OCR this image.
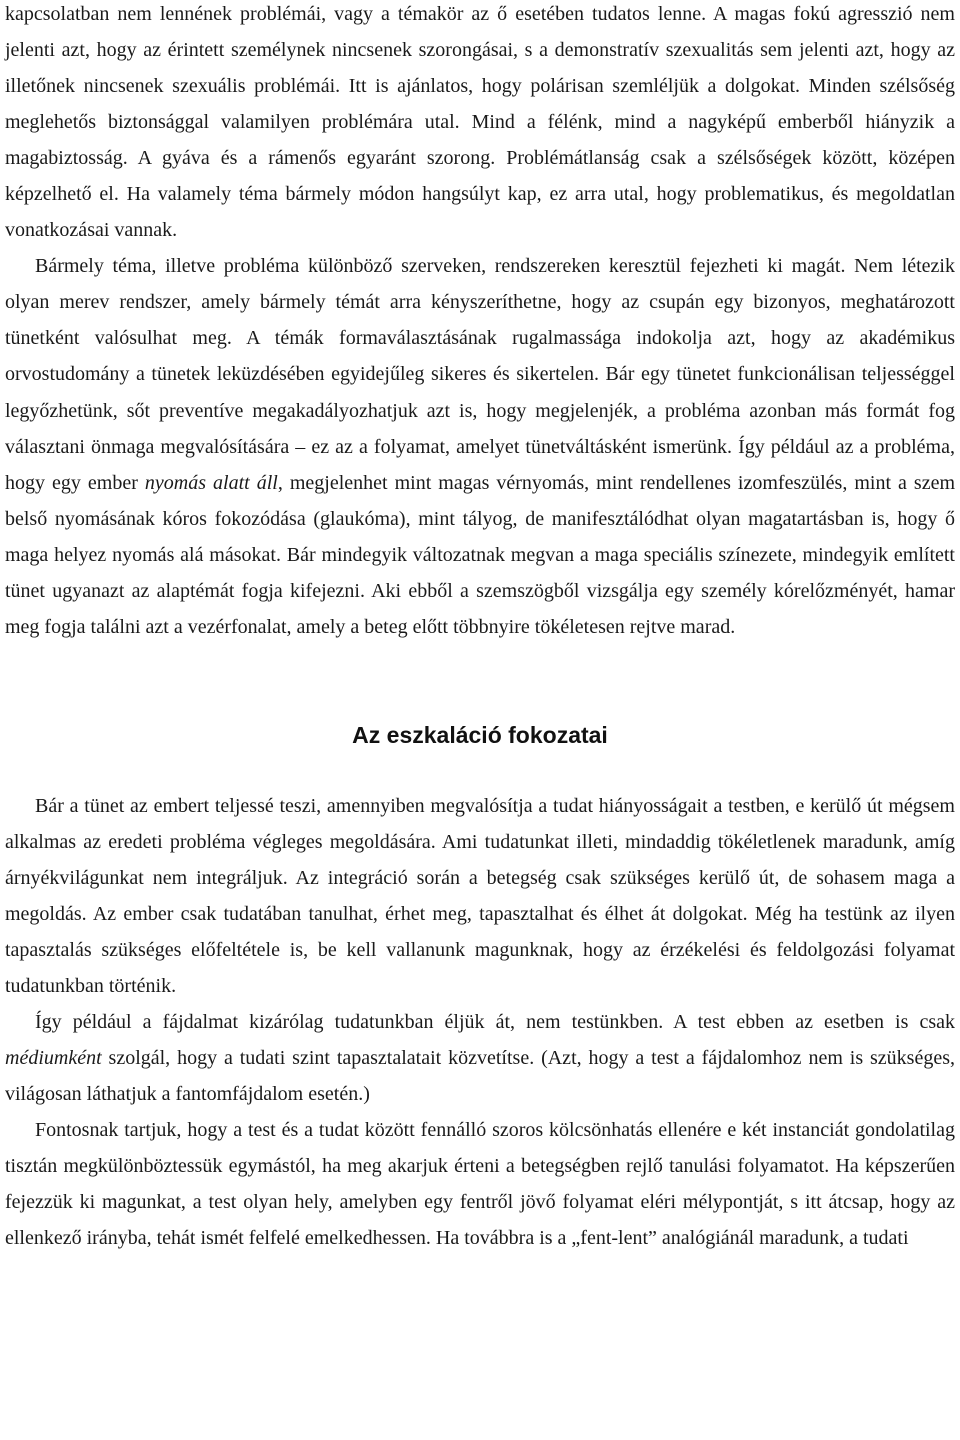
kapcsolatban nem lennének problémái, vagy a témakör az ő esetében tudatos lenne. A magas fokú agresszió nem jelenti azt, hogy az érintett személynek nincsenek szorongásai, s a demonstratív szexualitás sem jelenti azt, hogy az illetőnek nincsenek szexuális problémái. Itt is ajánlatos, hogy polárisan szemléljük a dolgokat. Minden szélsőség meglehetős biztonsággal valamilyen problémára utal. Mind a félénk, mind a nagyképű emberből hiányzik a magabiztosság. A gyáva és a rámenős egyaránt szorong. Problémátlanság csak a szélsőségek között, középen képzelhető el. Ha valamely téma bármely módon hangsúlyt kap, ez arra utal, hogy problematikus, és megoldatlan vonatkozásai vannak.

Bármely téma, illetve probléma különböző szerveken, rendszereken keresztül fejezheti ki magát. Nem létezik olyan merev rendszer, amely bármely témát arra kényszeríthetne, hogy az csupán egy bizonyos, meghatározott tünetként valósulhat meg. A témák formaválasztásának rugalmassága indokolja azt, hogy az akadémikus orvostudomány a tünetek leküzdésében egyidejűleg sikeres és sikertelen. Bár egy tünetet funkcionálisan teljességgel legyőzhetünk, sőt preventíve megakadályozhatjuk azt is, hogy megjelenjék, a probléma azonban más formát fog választani önmaga megvalósítására – ez az a folyamat, amelyet tünetváltásként ismerünk. Így például az a probléma, hogy egy ember nyomás alatt áll, megjelenhet mint magas vérnyomás, mint rendellenes izomfeszülés, mint a szem belső nyomásának kóros fokozódása (glaukóma), mint tályog, de manifesztálódhat olyan magatartásban is, hogy ő maga helyez nyomás alá másokat. Bár mindegyik változatnak megvan a maga speciális színezete, mindegyik említett tünet ugyanazt az alaptémát fogja kifejezni. Aki ebből a szemszögből vizsgálja egy személy kórelőzményét, hamar meg fogja találni azt a vezérfonalat, amely a beteg előtt többnyire tökéletesen rejtve marad.

Az eszkaláció fokozatai

Bár a tünet az embert teljessé teszi, amennyiben megvalósítja a tudat hiányosságait a testben, e kerülő út mégsem alkalmas az eredeti probléma végleges megoldására. Ami tudatunkat illeti, mindaddig tökéletlenek maradunk, amíg árnyékvilágunkat nem integráljuk. Az integráció során a betegség csak szükséges kerülő út, de sohasem maga a megoldás. Az ember csak tudatában tanulhat, érhet meg, tapasztalhat és élhet át dolgokat. Még ha testünk az ilyen tapasztalás szükséges előfeltétele is, be kell vallanunk magunknak, hogy az érzékelési és feldolgozási folyamat tudatunkban történik.

Így például a fájdalmat kizárólag tudatunkban éljük át, nem testünkben. A test ebben az esetben is csak médiumként szolgál, hogy a tudati szint tapasztalatait közvetítse. (Azt, hogy a test a fájdalomhoz nem is szükséges, világosan láthatjuk a fantomfájdalom esetén.)

Fontosnak tartjuk, hogy a test és a tudat között fennálló szoros kölcsönhatás ellenére e két instanciát gondolatilag tisztán megkülönböztessük egymástól, ha meg akarjuk érteni a betegségben rejlő tanulási folyamatot. Ha képszerűen fejezzük ki magunkat, a test olyan hely, amelyben egy fentről jövő folyamat eléri mélypontját, s itt átcsap, hogy az ellenkező irányba, tehát ismét felfelé emelkedhessen. Ha továbbra is a „fent-lent” analógiánál maradunk, a tudati
